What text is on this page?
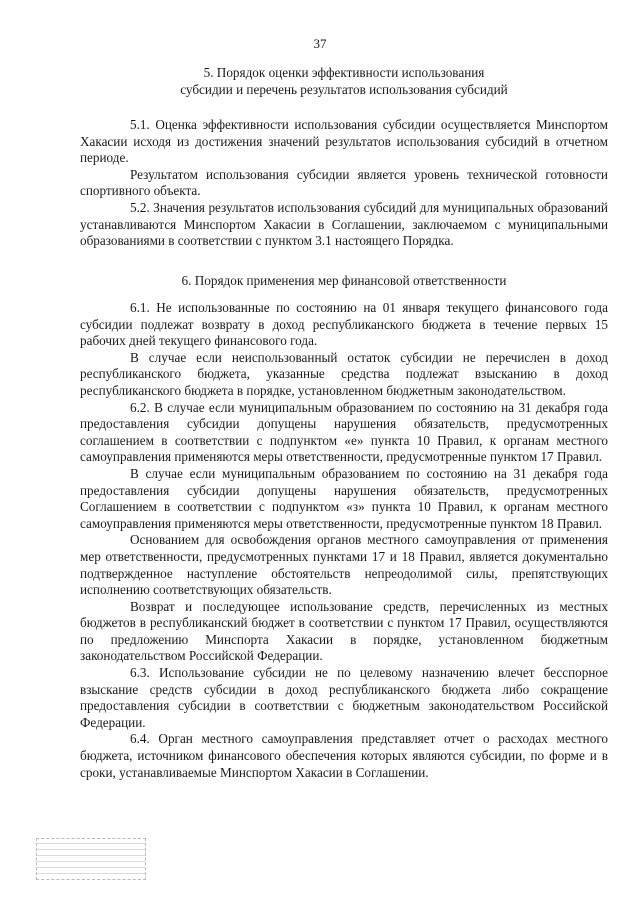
37
5. Порядок оценки эффективности использования
субсидии и перечень результатов использования субсидий

5.1. Оценка эффективности использования субсидии осуществляется Минспортом Хакасии исходя из достижения значений результатов использования субсидий в отчетном периоде.

Результатом использования субсидии является уровень технической готовности спортивного объекта.

5.2. Значения результатов использования субсидий для муниципальных образований устанавливаются Минспортом Хакасии в Соглашении, заключаемом с муниципальными образованиями в соответствии с пунктом 3.1 настоящего Порядка.

6. Порядок применения мер финансовой ответственности

6.1. Не использованные по состоянию на 01 января текущего финансового года субсидии подлежат возврату в доход республиканского бюджета в течение первых 15 рабочих дней текущего финансового года.

В случае если неиспользованный остаток субсидии не перечислен в доход республиканского бюджета, указанные средства подлежат взысканию в доход республиканского бюджета в порядке, установленном бюджетным законодательством.

6.2. В случае если муниципальным образованием по состоянию на 31 декабря года предоставления субсидии допущены нарушения обязательств, предусмотренных соглашением в соответствии с подпунктом «е» пункта 10 Правил, к органам местного самоуправления применяются меры ответственности, предусмотренные пунктом 17 Правил.

В случае если муниципальным образованием по состоянию на 31 декабря года предоставления субсидии допущены нарушения обязательств, предусмотренных Соглашением в соответствии с подпунктом «з» пункта 10 Правил, к органам местного самоуправления применяются меры ответственности, предусмотренные пунктом 18 Правил.

Основанием для освобождения органов местного самоуправления от применения мер ответственности, предусмотренных пунктами 17 и 18 Правил, является документально подтвержденное наступление обстоятельств непреодолимой силы, препятствующих исполнению соответствующих обязательств.

Возврат и последующее использование средств, перечисленных из местных бюджетов в республиканский бюджет в соответствии с пунктом 17 Правил, осуществляются по предложению Минспорта Хакасии в порядке, установленном бюджетным законодательством Российской Федерации.

6.3. Использование субсидии не по целевому назначению влечет бесспорное взыскание средств субсидии в доход республиканского бюджета либо сокращение предоставления субсидии в соответствии с бюджетным законодательством Российской Федерации.

6.4. Орган местного самоуправления представляет отчет о расходах местного бюджета, источником финансового обеспечения которых являются субсидии, по форме и в сроки, устанавливаемые Минспортом Хакасии в Соглашении.
